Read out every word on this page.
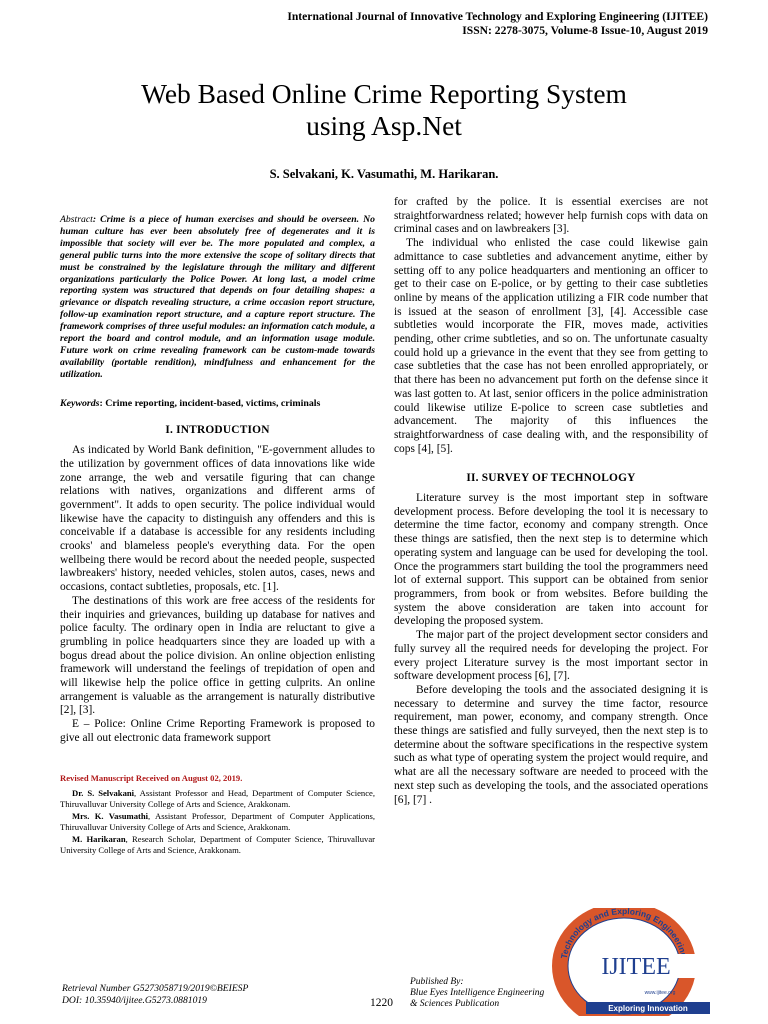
International Journal of Innovative Technology and Exploring Engineering (IJITEE)
ISSN: 2278-3075, Volume-8 Issue-10, August 2019
Web Based Online Crime Reporting System
using Asp.Net
S. Selvakani, K. Vasumathi, M. Harikaran.
Abstract: Crime is a piece of human exercises and should be overseen. No human culture has ever been absolutely free of degenerates and it is impossible that society will ever be. The more populated and complex, a general public turns into the more extensive the scope of solitary directs that must be constrained by the legislature through the military and different organizations particularly the Police Power. At long last, a model crime reporting system was structured that depends on four detailing shapes: a grievance or dispatch revealing structure, a crime occasion report structure, follow-up examination report structure, and a capture report structure. The framework comprises of three useful modules: an information catch module, a report the board and control module, and an information usage module. Future work on crime revealing framework can be custom-made towards availability (portable rendition), mindfulness and enhancement for the utilization.
Keywords: Crime reporting, incident-based, victims, criminals
I. INTRODUCTION

As indicated by World Bank definition, "E-government alludes to the utilization by government offices of data innovations like wide zone arrange, the web and versatile figuring that can change relations with natives, organizations and different arms of government". It adds to open security. The police individual would likewise have the capacity to distinguish any offenders and this is conceivable if a database is accessible for any residents including crooks' and blameless people's everything data. For the open wellbeing there would be record about the needed people, suspected lawbreakers' history, needed vehicles, stolen autos, cases, news and occasions, contact subtleties, proposals, etc. [1].

The destinations of this work are free access of the residents for their inquiries and grievances, building up database for natives and police faculty. The ordinary open in India are reluctant to give a grumbling in police headquarters since they are loaded up with a bogus dread about the police division. An online objection enlisting framework will understand the feelings of trepidation of open and will likewise help the police office in getting culprits. An online arrangement is valuable as the arrangement is naturally distributive [2], [3].

E – Police: Online Crime Reporting Framework is proposed to give all out electronic data framework support

Revised Manuscript Received on August 02, 2019.

Dr. S. Selvakani, Assistant Professor and Head, Department of Computer Science, Thiruvalluvar University College of Arts and Science, Arakkonam.

Mrs. K. Vasumathi, Assistant Professor, Department of Computer Applications, Thiruvalluvar University College of Arts and Science, Arakkonam.

M. Harikaran, Research Scholar, Department of Computer Science, Thiruvalluvar University College of Arts and Science, Arakkonam.

for crafted by the police. It is essential exercises are not straightforwardness related; however help furnish cops with data on criminal cases and on lawbreakers [3].

The individual who enlisted the case could likewise gain admittance to case subtleties and advancement anytime, either by setting off to any police headquarters and mentioning an officer to get to their case on E-police, or by getting to their case subtleties online by means of the application utilizing a FIR code number that is issued at the season of enrollment [3], [4]. Accessible case subtleties would incorporate the FIR, moves made, activities pending, other crime subtleties, and so on. The unfortunate casualty could hold up a grievance in the event that they see from getting to case subtleties that the case has not been enrolled appropriately, or that there has been no advancement put forth on the defense since it was last gotten to. At last, senior officers in the police administration could likewise utilize E-police to screen case subtleties and advancement. The majority of this influences the straightforwardness of case dealing with, and the responsibility of cops [4], [5].

II. SURVEY OF TECHNOLOGY

Literature survey is the most important step in software development process. Before developing the tool it is necessary to determine the time factor, economy and company strength. Once these things are satisfied, then the next step is to determine which operating system and language can be used for developing the tool. Once the programmers start building the tool the programmers need lot of external support. This support can be obtained from senior programmers, from book or from websites. Before building the system the above consideration are taken into account for developing the proposed system.

The major part of the project development sector considers and fully survey all the required needs for developing the project. For every project Literature survey is the most important sector in software development process [6], [7].

Before developing the tools and the associated designing it is necessary to determine and survey the time factor, resource requirement, man power, economy, and company strength. Once these things are satisfied and fully surveyed, then the next step is to determine about the software specifications in the respective system such as what type of operating system the project would require, and what are all the necessary software are needed to proceed with the next step such as developing the tools, and the associated operations [6], [7] .

Technology and Exploring Engineerin
IJITEE
www.ijitee.org
Exploring Innovation
Retrieval Number G5273058719/2019©BEIESP
DOI: 10.35940/ijitee.G5273.0881019	1220
Published By:
Blue Eyes Intelligence Engineering
& Sciences Publication
